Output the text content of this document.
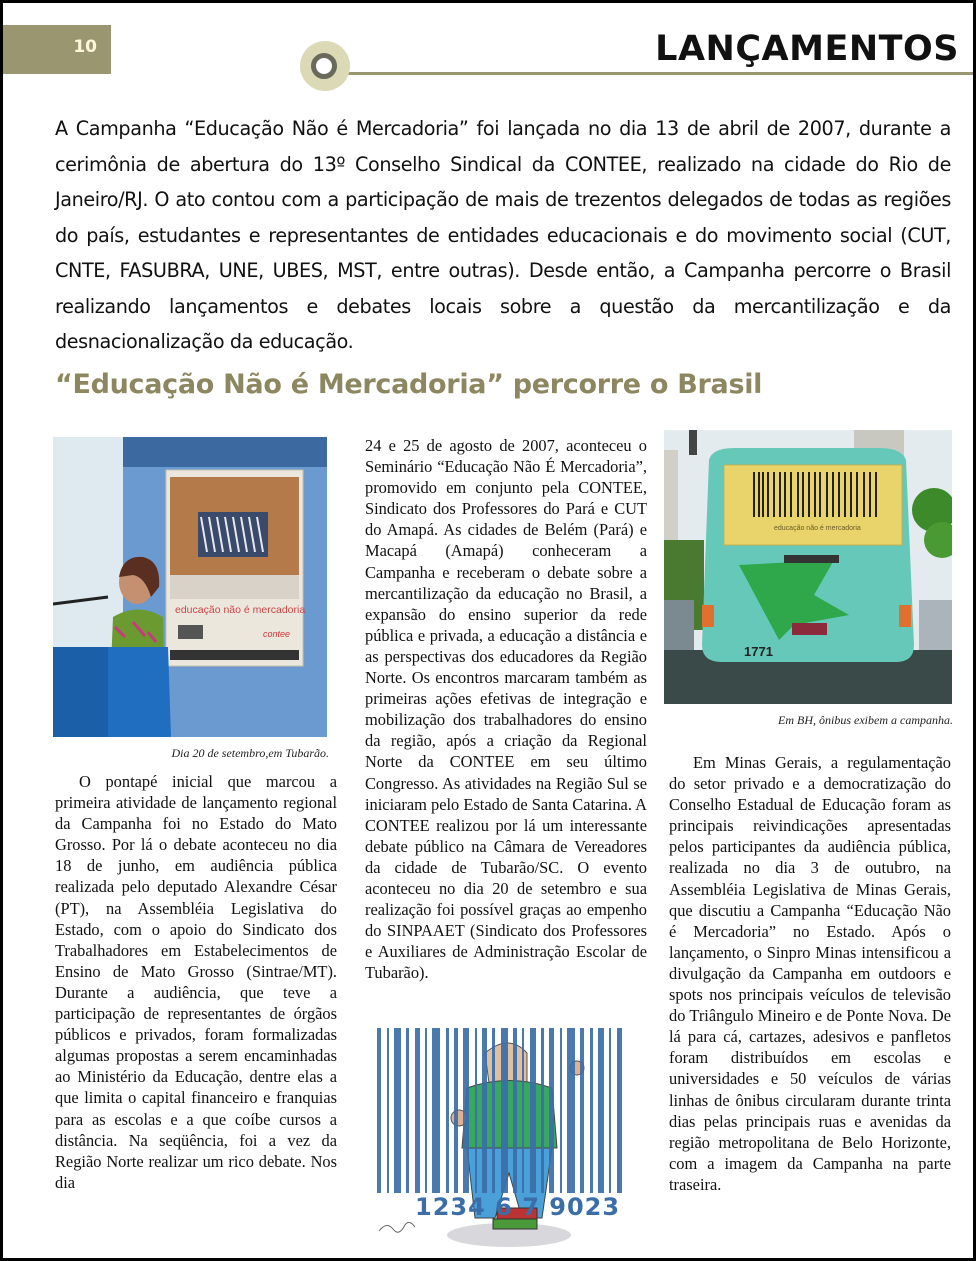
10	LANÇAMENTOS
A Campanha “Educação Não é Mercadoria” foi lançada no dia 13 de abril de 2007, durante a cerimônia de abertura do 13º Conselho Sindical da CONTEE, realizado na cidade do Rio de Janeiro/RJ. O ato contou com a participação de mais de trezentos delegados de todas as regiões do país, estudantes e representantes de entidades educacionais e do movimento social (CUT, CNTE, FASUBRA, UNE, UBES, MST, entre outras). Desde então, a Campanha percorre o Brasil realizando lançamentos e debates locais sobre a questão da mercantilização e da desnacionalização da educação.
“Educação Não é Mercadoria” percorre o Brasil
educação não é mercadoria
contee
Dia 20 de setembro,em Tubarão.
educação não é mercadoria
1771
Em BH, ônibus exibem a campanha.
1234 6 7 9023

O pontapé inicial que marcou a primeira atividade de lançamento regional da Campanha foi no Estado do Mato Grosso. Por lá o debate aconteceu no dia 18 de junho, em audiência pública realizada pelo deputado Alexandre César (PT), na Assembléia Legislativa do Estado, com o apoio do Sindicato dos Trabalhadores em Estabelecimentos de Ensino de Mato Grosso (Sintrae/MT). Durante a audiência, que teve a participação de representantes de órgãos públicos e privados, foram formalizadas algumas propostas a serem encaminhadas ao Ministério da Educação, dentre elas a que limita o capital financeiro e franquias para as escolas e a que coíbe cursos a distância. Na seqüência, foi a vez da Região Norte realizar um rico debate. Nos dia

24 e 25 de agosto de 2007, aconteceu o Seminário “Educação Não É Mercadoria”, promovido em conjunto pela CONTEE, Sindicato dos Professores do Pará e CUT do Amapá. As cidades de Belém (Pará) e Macapá (Amapá) conheceram a Campanha e receberam o debate sobre a mercantilização da educação no Brasil, a expansão do ensino superior da rede pública e privada, a educação a distância e as perspectivas dos educadores da Região Norte. Os encontros marcaram também as primeiras ações efetivas de integração e mobilização dos trabalhadores do ensino da região, após a criação da Regional Norte da CONTEE em seu último Congresso. As atividades na Região Sul se iniciaram pelo Estado de Santa Catarina. A CONTEE realizou por lá um interessante debate público na Câmara de Vereadores da cidade de Tubarão/SC. O evento aconteceu no dia 20 de setembro e sua realização foi possível graças ao empenho do SINPAAET (Sindicato dos Professores e Auxiliares de Administração Escolar de Tubarão).

Em Minas Gerais, a regulamentação do setor privado e a democratização do Conselho Estadual de Educação foram as principais reivindicações apresentadas pelos participantes da audiência pública, realizada no dia 3 de outubro, na Assembléia Legislativa de Minas Gerais, que discutiu a Campanha “Educação Não é Mercadoria” no Estado. Após o lançamento, o Sinpro Minas intensificou a divulgação da Campanha em outdoors e spots nos principais veículos de televisão do Triângulo Mineiro e de Ponte Nova. De lá para cá, cartazes, adesivos e panfletos foram distribuídos em escolas e universidades e 50 veículos de várias linhas de ônibus circularam durante trinta dias pelas principais ruas e avenidas da região metropolitana de Belo Horizonte, com a imagem da Campanha na parte traseira.
